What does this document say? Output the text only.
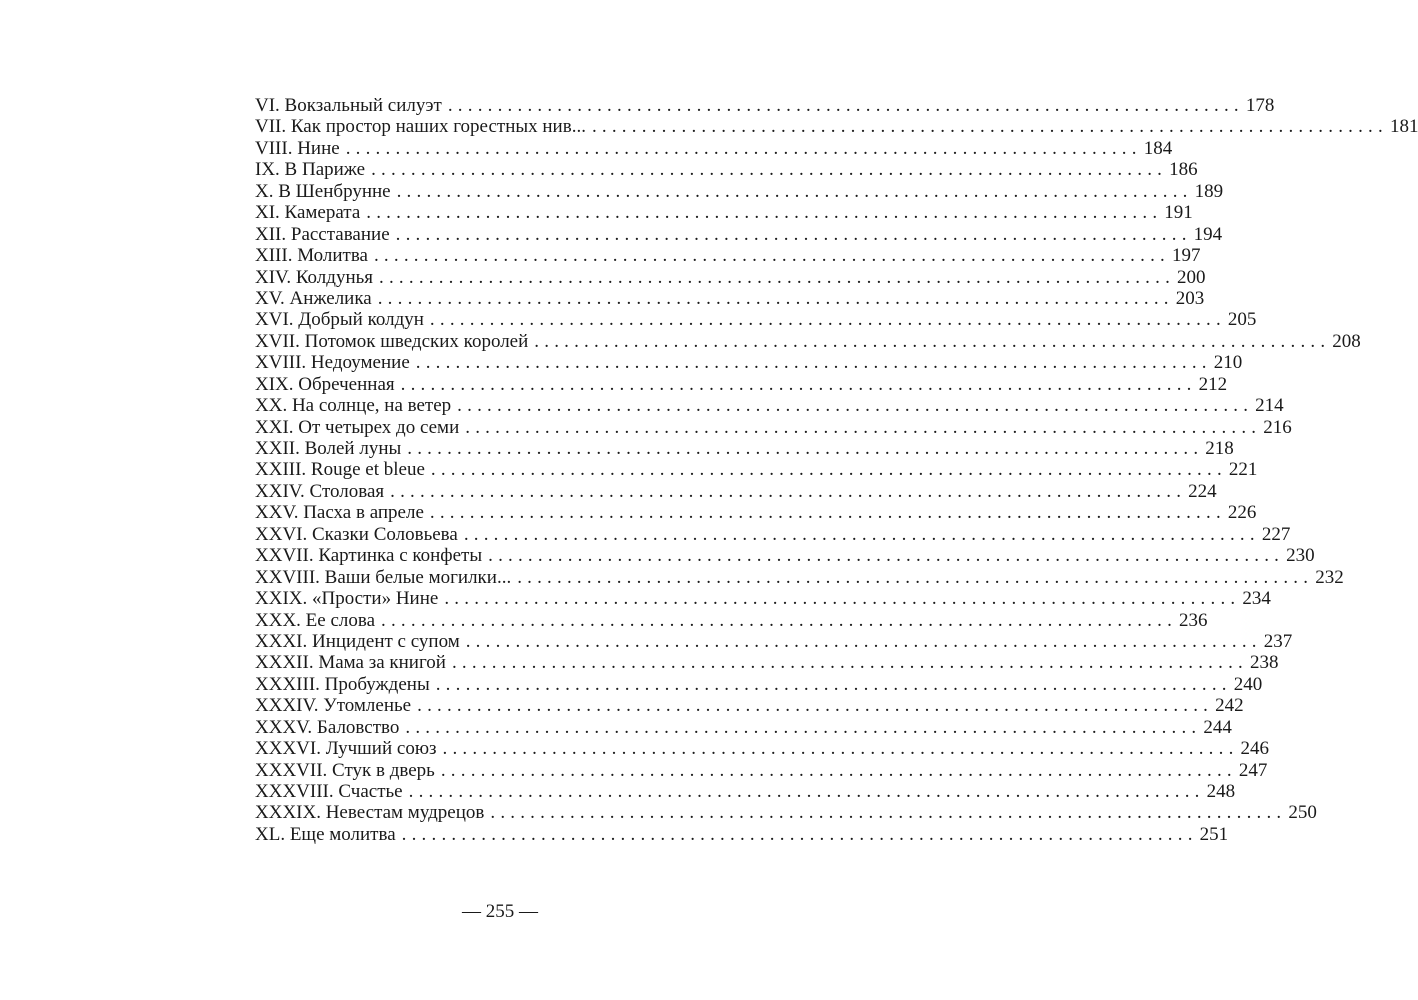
VI. Вокзальный силуэт ................................................................................ 178
VII. Как простор наших горестных нив... ................................................................................ 181
VIII. Нине ................................................................................ 184
IX. В Париже ................................................................................ 186
X. В Шенбрунне ................................................................................ 189
XI. Камерата ................................................................................ 191
XII. Расставание ................................................................................ 194
XIII. Молитва ................................................................................ 197
XIV. Колдунья ................................................................................ 200
XV. Анжелика ................................................................................ 203
XVI. Добрый колдун ................................................................................ 205
XVII. Потомок шведских королей ................................................................................ 208
XVIII. Недоумение ................................................................................ 210
XIX. Обреченная ................................................................................ 212
XX. На солнце, на ветер ................................................................................ 214
XXI. От четырех до семи ................................................................................ 216
XXII. Волей луны ................................................................................ 218
XXIII. Rouge et bleue ................................................................................ 221
XXIV. Столовая ................................................................................ 224
XXV. Пасха в апреле ................................................................................ 226
XXVI. Сказки Соловьева ................................................................................ 227
XXVII. Картинка с конфеты ................................................................................ 230
XXVIII. Ваши белые могилки... ................................................................................ 232
XXIX. «Прости» Нине ................................................................................ 234
XXX. Ее слова ................................................................................ 236
XXXI. Инцидент с супом ................................................................................ 237
XXXII. Мама за книгой ................................................................................ 238
XXXIII. Пробуждены ................................................................................ 240
XXXIV. Утомленье ................................................................................ 242
XXXV. Баловство ................................................................................ 244
XXXVI. Лучший союз ................................................................................ 246
XXXVII. Стук в дверь ................................................................................ 247
XXXVIII. Счастье ................................................................................ 248
XXXIX. Невестам мудрецов ................................................................................ 250
XL. Еще молитва ................................................................................ 251
— 255 —
